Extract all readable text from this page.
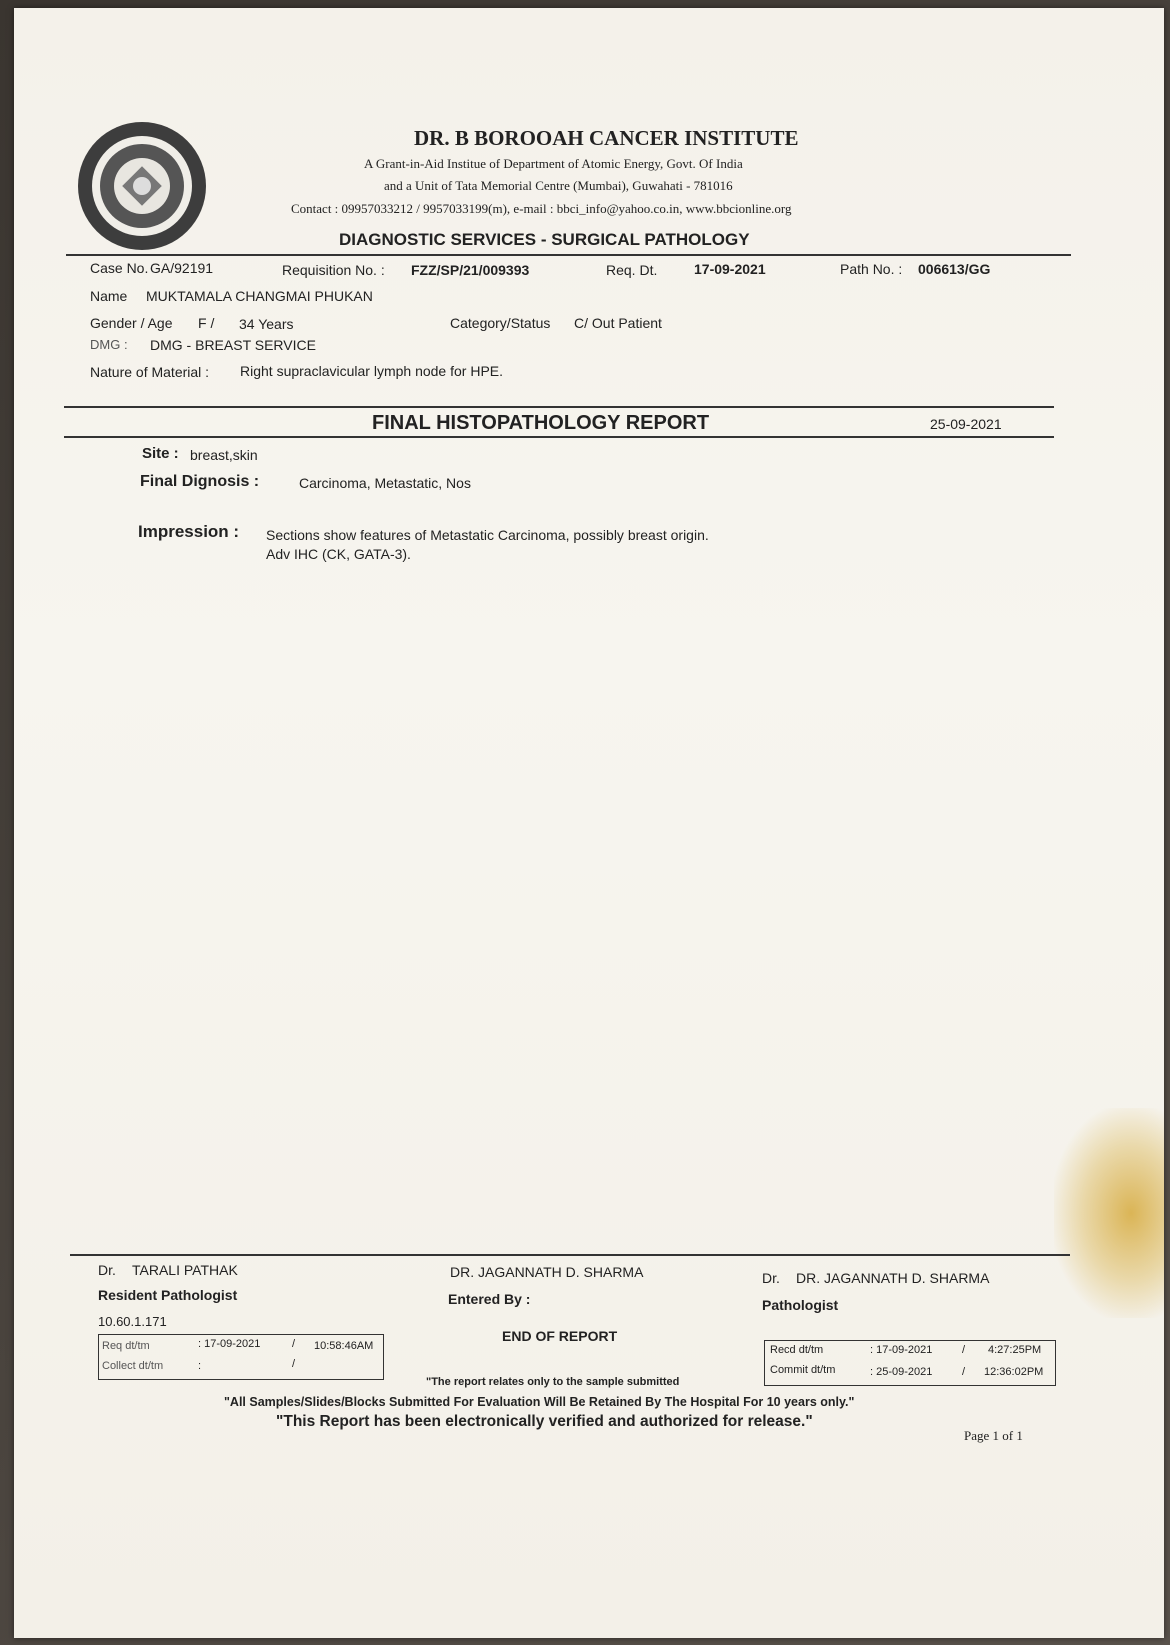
DR. B BOROOAH CANCER INSTITUTE
A Grant-in-Aid Institue of Department of Atomic Energy, Govt. Of India
and a Unit of Tata Memorial Centre (Mumbai), Guwahati - 781016
Contact : 09957033212 / 9957033199(m), e-mail : bbci_info@yahoo.co.in, www.bbcionline.org
DIAGNOSTIC SERVICES - SURGICAL PATHOLOGY
Case No. GA/92191	Requisition No. : FZZ/SP/21/009393	Req. Dt.	17-09-2021	Path No. : 006613/GG
Name MUKTAMALA CHANGMAI PHUKAN
Gender / Age F / 34 Years	Category/Status C/ Out Patient
DMG : DMG - BREAST SERVICE
Nature of Material : Right supraclavicular lymph node for HPE.
FINAL HISTOPATHOLOGY REPORT	25-09-2021
Site : breast,skin
Final Dignosis :	Carcinoma, Metastatic, Nos
Impression : Sections show features of Metastatic Carcinoma, possibly breast origin.
Adv IHC (CK, GATA-3).
Dr. TARALI PATHAK
Resident Pathologist
10.60.1.171
Req dt/tm	: 17-09-2021	/ 10:58:46AM
Collect dt/tm	:	/
DR. JAGANNATH D. SHARMA
Entered By :
END OF REPORT
"The report relates only to the sample submitted
Dr. DR. JAGANNATH D. SHARMA
Pathologist
Recd dt/tm	: 17-09-2021	/ 4:27:25PM
Commit dt/tm	: 25-09-2021	/ 12:36:02PM
"All Samples/Slides/Blocks Submitted For Evaluation Will Be Retained By The Hospital For 10 years only."
"This Report has been electronically verified and authorized for release."
Page 1 of 1
